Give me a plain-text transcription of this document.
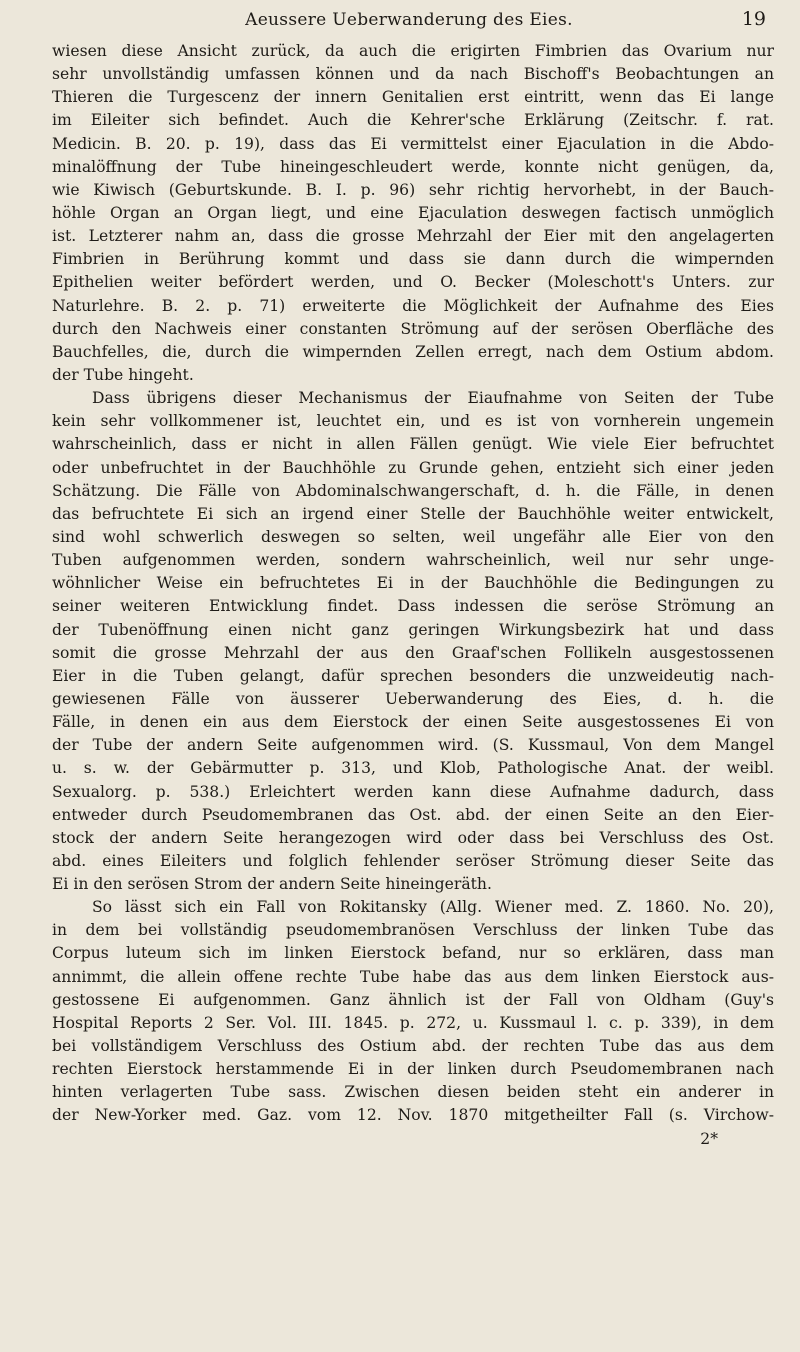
Aeussere Ueberwanderung des Eies.	19
wiesen diese Ansicht zurück, da auch die erigirten Fimbrien das Ovarium nur
sehr unvollständig umfassen können und da nach Bischoff's Beobachtungen an
Thieren die Turgescenz der innern Genitalien erst eintritt, wenn das Ei lange
im Eileiter sich befindet. Auch die Kehrer'sche Erklärung (Zeitschr. f. rat.
Medicin. B. 20. p. 19), dass das Ei vermittelst einer Ejaculation in die Abdo-
minalöffnung der Tube hineingeschleudert werde, konnte nicht genügen, da,
wie Kiwisch (Geburtskunde. B. I. p. 96) sehr richtig hervorhebt, in der Bauch-
höhle Organ an Organ liegt, und eine Ejaculation deswegen factisch unmöglich
ist. Letzterer nahm an, dass die grosse Mehrzahl der Eier mit den angelagerten
Fimbrien in Berührung kommt und dass sie dann durch die wimpernden
Epithelien weiter befördert werden, und O. Becker (Moleschott's Unters. zur
Naturlehre. B. 2. p. 71) erweiterte die Möglichkeit der Aufnahme des Eies
durch den Nachweis einer constanten Strömung auf der serösen Oberfläche des
Bauchfelles, die, durch die wimpernden Zellen erregt, nach dem Ostium abdom.
der Tube hingeht.
Dass übrigens dieser Mechanismus der Eiaufnahme von Seiten der Tube
kein sehr vollkommener ist, leuchtet ein, und es ist von vornherein ungemein
wahrscheinlich, dass er nicht in allen Fällen genügt. Wie viele Eier befruchtet
oder unbefruchtet in der Bauchhöhle zu Grunde gehen, entzieht sich einer jeden
Schätzung. Die Fälle von Abdominalschwangerschaft, d. h. die Fälle, in denen
das befruchtete Ei sich an irgend einer Stelle der Bauchhöhle weiter entwickelt,
sind wohl schwerlich deswegen so selten, weil ungefähr alle Eier von den
Tuben aufgenommen werden, sondern wahrscheinlich, weil nur sehr unge-
wöhnlicher Weise ein befruchtetes Ei in der Bauchhöhle die Bedingungen zu
seiner weiteren Entwicklung findet. Dass indessen die seröse Strömung an
der Tubenöffnung einen nicht ganz geringen Wirkungsbezirk hat und dass
somit die grosse Mehrzahl der aus den Graaf'schen Follikeln ausgestossenen
Eier in die Tuben gelangt, dafür sprechen besonders die unzweideutig nach-
gewiesenen Fälle von äusserer Ueberwanderung des Eies, d. h. die
Fälle, in denen ein aus dem Eierstock der einen Seite ausgestossenes Ei von
der Tube der andern Seite aufgenommen wird. (S. Kussmaul, Von dem Mangel
u. s. w. der Gebärmutter p. 313, und Klob, Pathologische Anat. der weibl.
Sexualorg. p. 538.) Erleichtert werden kann diese Aufnahme dadurch, dass
entweder durch Pseudomembranen das Ost. abd. der einen Seite an den Eier-
stock der andern Seite herangezogen wird oder dass bei Verschluss des Ost.
abd. eines Eileiters und folglich fehlender seröser Strömung dieser Seite das
Ei in den serösen Strom der andern Seite hineingeräth.
So lässt sich ein Fall von Rokitansky (Allg. Wiener med. Z. 1860. No. 20),
in dem bei vollständig pseudomembranösen Verschluss der linken Tube das
Corpus luteum sich im linken Eierstock befand, nur so erklären, dass man
annimmt, die allein offene rechte Tube habe das aus dem linken Eierstock aus-
gestossene Ei aufgenommen. Ganz ähnlich ist der Fall von Oldham (Guy's
Hospital Reports 2 Ser. Vol. III. 1845. p. 272, u. Kussmaul l. c. p. 339), in dem
bei vollständigem Verschluss des Ostium abd. der rechten Tube das aus dem
rechten Eierstock herstammende Ei in der linken durch Pseudomembranen nach
hinten verlagerten Tube sass. Zwischen diesen beiden steht ein anderer in
der New-Yorker med. Gaz. vom 12. Nov. 1870 mitgetheilter Fall (s. Virchow-
2*
